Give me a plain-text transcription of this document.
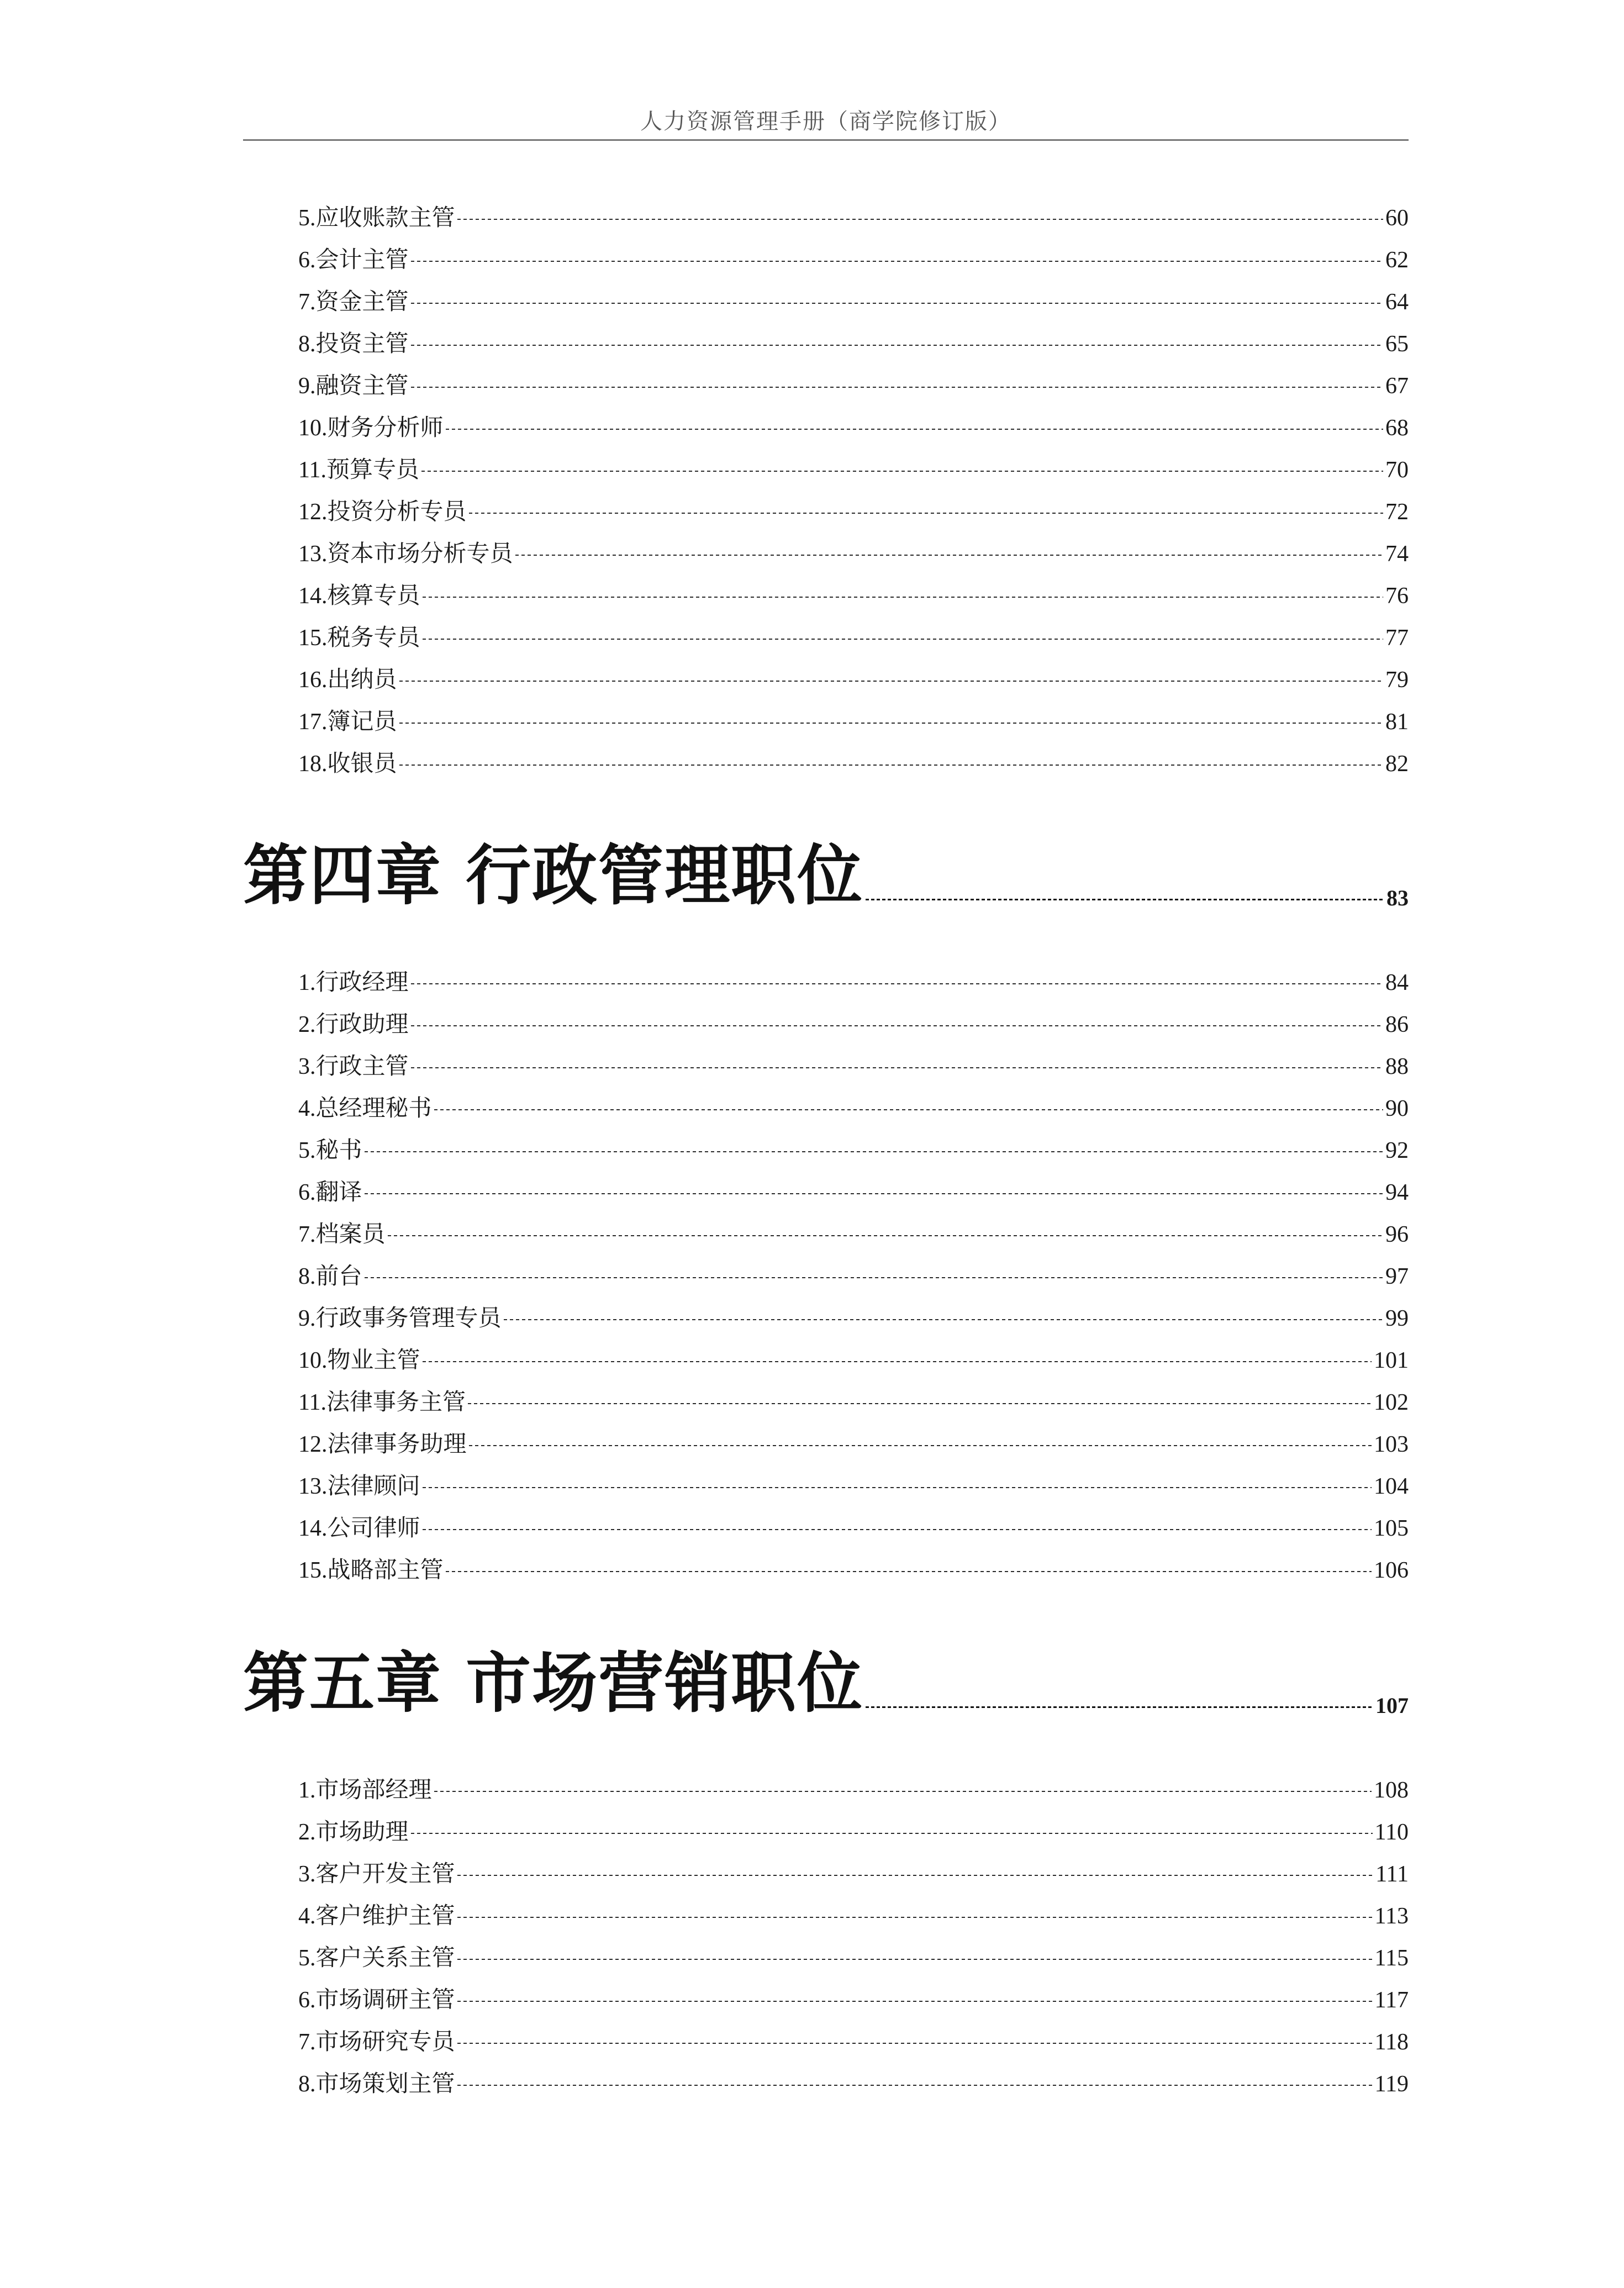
人力资源管理手册（商学院修订版）
5. 应收账款主管	60
6. 会计主管	62
7. 资金主管	64
8. 投资主管	65
9. 融资主管	67
10. 财务分析师	68
11. 预算专员	70
12. 投资分析专员	72
13. 资本市场分析专员	74
14. 核算专员	76
15. 税务专员	77
16. 出纳员	79
17. 簿记员	81
18. 收银员	82
第四章 行政管理职位	83
1. 行政经理	84
2. 行政助理	86
3. 行政主管	88
4. 总经理秘书	90
5. 秘书	92
6. 翻译	94
7. 档案员	96
8. 前台	97
9. 行政事务管理专员	99
10. 物业主管	101
11. 法律事务主管	102
12. 法律事务助理	103
13. 法律顾问	104
14. 公司律师	105
15. 战略部主管	106
第五章 市场营销职位	107
1. 市场部经理	108
2. 市场助理	110
3. 客户开发主管	111
4. 客户维护主管	113
5. 客户关系主管	115
6. 市场调研主管	117
7. 市场研究专员	118
8. 市场策划主管	119
